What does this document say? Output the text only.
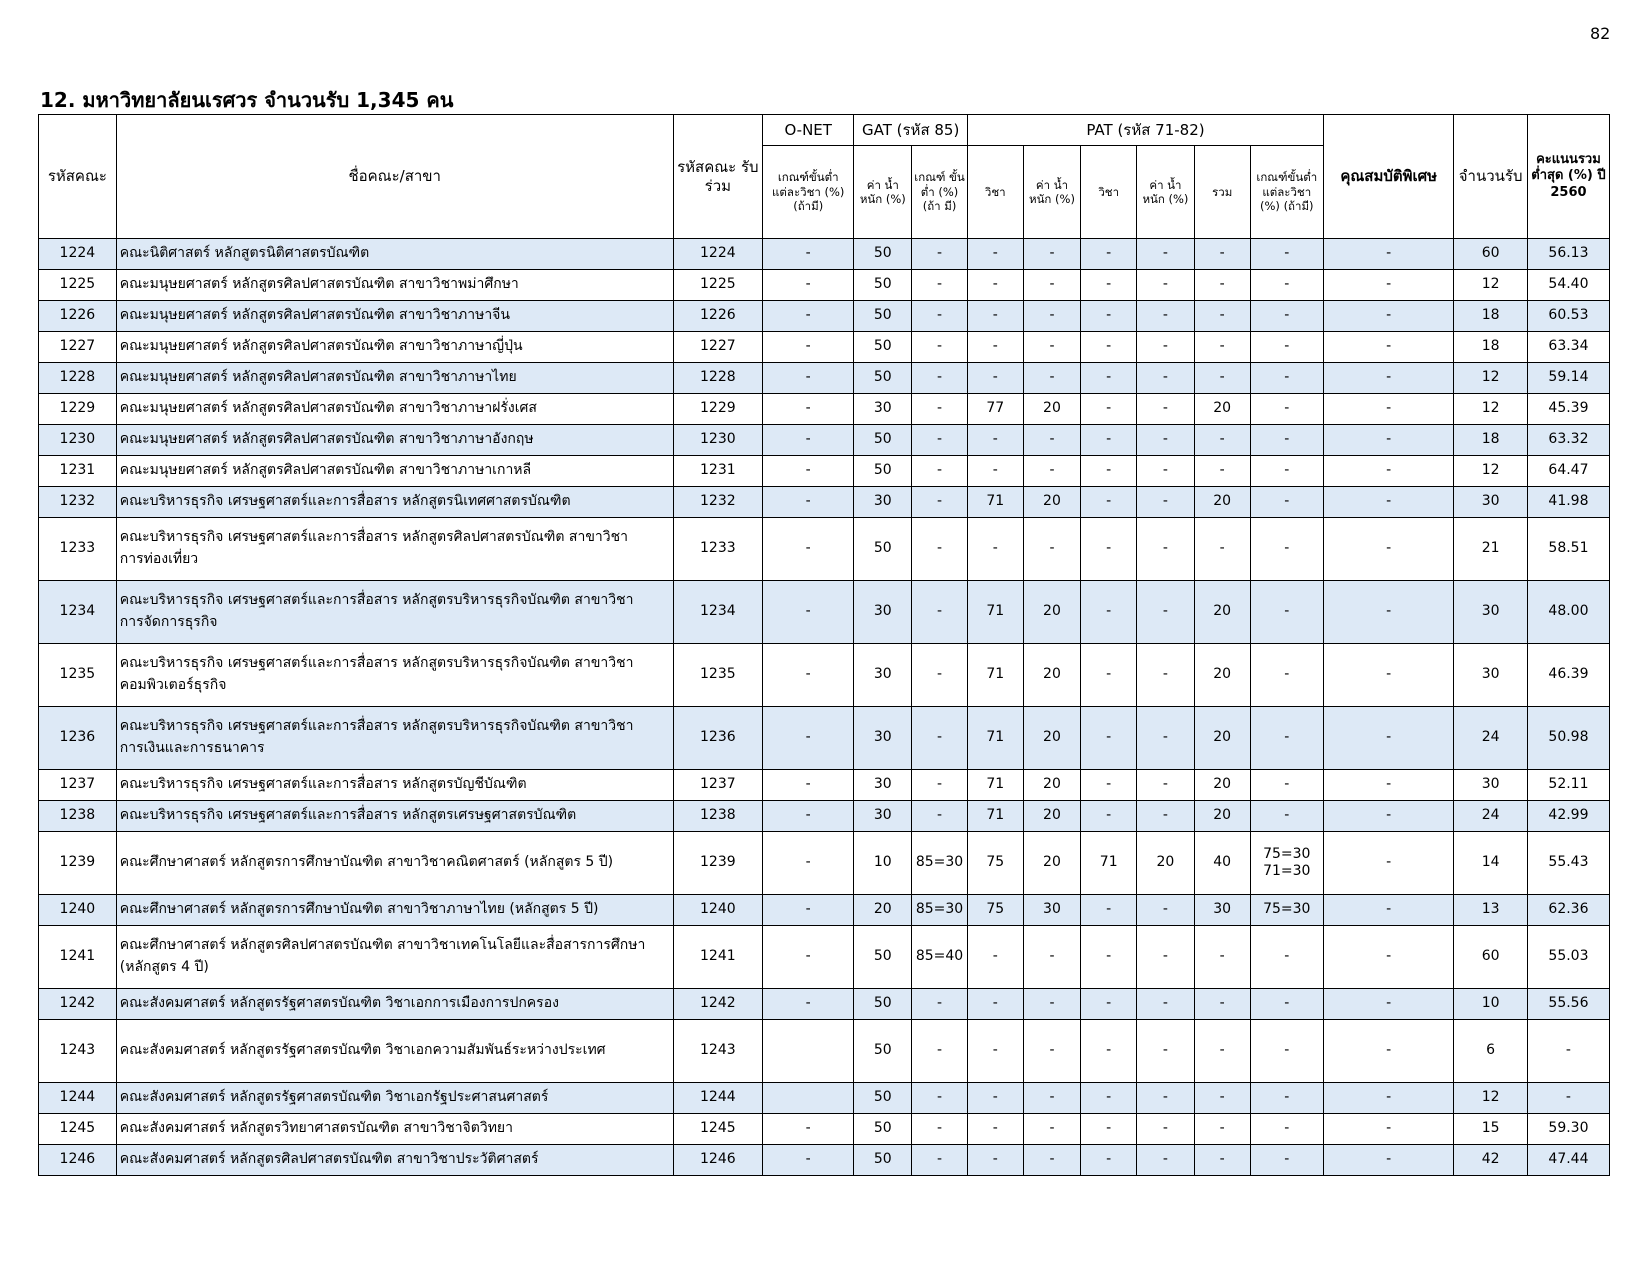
82
12. มหาวิทยาลัยนเรศวร จำนวนรับ 1,345 คน
รหัสคณะ	ชื่อคณะ/สาขา	รหัสคณะ รับร่วม	O-NET	GAT (รหัส 85)		PAT (รหัส 71-82)						คุณสมบัติพิเศษ	จำนวนรับ	คะแนนรวม ต่ำสุด (%) ปี 2560
			เกณฑ์ขั้นต่ำแต่ละวิชา (%) (ถ้ามี)	ค่า น้ำหนัก (%)	เกณฑ์ ขั้นต่ำ (%) (ถ้า มี)	วิชา	ค่า น้ำหนัก (%)	วิชา	ค่า น้ำหนัก (%)	รวม	เกณฑ์ขั้นต่ำ แต่ละวิชา (%) (ถ้ามี)			
1224	คณะนิติศาสตร์ หลักสูตรนิติศาสตรบัณฑิต	1224	-	50	-	-	-	-	-	-	-	-	60	56.13
1225	คณะมนุษยศาสตร์ หลักสูตรศิลปศาสตรบัณฑิต สาขาวิชาพม่าศึกษา	1225	-	50	-	-	-	-	-	-	-	-	12	54.40
1226	คณะมนุษยศาสตร์ หลักสูตรศิลปศาสตรบัณฑิต สาขาวิชาภาษาจีน	1226	-	50	-	-	-	-	-	-	-	-	18	60.53
1227	คณะมนุษยศาสตร์ หลักสูตรศิลปศาสตรบัณฑิต สาขาวิชาภาษาญี่ปุ่น	1227	-	50	-	-	-	-	-	-	-	-	18	63.34
1228	คณะมนุษยศาสตร์ หลักสูตรศิลปศาสตรบัณฑิต สาขาวิชาภาษาไทย	1228	-	50	-	-	-	-	-	-	-	-	12	59.14
1229	คณะมนุษยศาสตร์ หลักสูตรศิลปศาสตรบัณฑิต สาขาวิชาภาษาฝรั่งเศส	1229	-	30	-	77	20	-	-	20	-	-	12	45.39
1230	คณะมนุษยศาสตร์ หลักสูตรศิลปศาสตรบัณฑิต สาขาวิชาภาษาอังกฤษ	1230	-	50	-	-	-	-	-	-	-	-	18	63.32
1231	คณะมนุษยศาสตร์ หลักสูตรศิลปศาสตรบัณฑิต สาขาวิชาภาษาเกาหลี	1231	-	50	-	-	-	-	-	-	-	-	12	64.47
1232	คณะบริหารธุรกิจ เศรษฐศาสตร์และการสื่อสาร หลักสูตรนิเทศศาสตรบัณฑิต	1232	-	30	-	71	20	-	-	20	-	-	30	41.98
1233	คณะบริหารธุรกิจ เศรษฐศาสตร์และการสื่อสาร หลักสูตรศิลปศาสตรบัณฑิต สาขาวิชา
การท่องเที่ยว	1233	-	50	-	-	-	-	-	-	-	-	21	58.51
1234	คณะบริหารธุรกิจ เศรษฐศาสตร์และการสื่อสาร หลักสูตรบริหารธุรกิจบัณฑิต สาขาวิชา
การจัดการธุรกิจ	1234	-	30	-	71	20	-	-	20	-	-	30	48.00
1235	คณะบริหารธุรกิจ เศรษฐศาสตร์และการสื่อสาร หลักสูตรบริหารธุรกิจบัณฑิต สาขาวิชา
คอมพิวเตอร์ธุรกิจ	1235	-	30	-	71	20	-	-	20	-	-	30	46.39
1236	คณะบริหารธุรกิจ เศรษฐศาสตร์และการสื่อสาร หลักสูตรบริหารธุรกิจบัณฑิต สาขาวิชา
การเงินและการธนาคาร	1236	-	30	-	71	20	-	-	20	-	-	24	50.98
1237	คณะบริหารธุรกิจ เศรษฐศาสตร์และการสื่อสาร หลักสูตรบัญชีบัณฑิต	1237	-	30	-	71	20	-	-	20	-	-	30	52.11
1238	คณะบริหารธุรกิจ เศรษฐศาสตร์และการสื่อสาร หลักสูตรเศรษฐศาสตรบัณฑิต	1238	-	30	-	71	20	-	-	20	-	-	24	42.99
1239	คณะศึกษาศาสตร์ หลักสูตรการศึกษาบัณฑิต สาขาวิชาคณิตศาสตร์ (หลักสูตร 5 ปี)	1239	-	10	85=30	75	20	71	20	40	75=30
71=30	-	14	55.43
1240	คณะศึกษาศาสตร์ หลักสูตรการศึกษาบัณฑิต สาขาวิชาภาษาไทย (หลักสูตร 5 ปี)	1240	-	20	85=30	75	30	-	-	30	75=30	-	13	62.36
1241	คณะศึกษาศาสตร์ หลักสูตรศิลปศาสตรบัณฑิต สาขาวิชาเทคโนโลยีและสื่อสารการศึกษา
(หลักสูตร 4 ปี)	1241	-	50	85=40	-	-	-	-	-	-	-	60	55.03
1242	คณะสังคมศาสตร์ หลักสูตรรัฐศาสตรบัณฑิต วิชาเอกการเมืองการปกครอง	1242	-	50	-	-	-	-	-	-	-	-	10	55.56
1243	คณะสังคมศาสตร์ หลักสูตรรัฐศาสตรบัณฑิต วิชาเอกความสัมพันธ์ระหว่างประเทศ	1243		50	-	-	-	-	-	-	-	-	6	-
1244	คณะสังคมศาสตร์ หลักสูตรรัฐศาสตรบัณฑิต วิชาเอกรัฐประศาสนศาสตร์	1244		50	-	-	-	-	-	-	-	-	12	-
1245	คณะสังคมศาสตร์ หลักสูตรวิทยาศาสตรบัณฑิต สาขาวิชาจิตวิทยา	1245	-	50	-	-	-	-	-	-	-	-	15	59.30
1246	คณะสังคมศาสตร์ หลักสูตรศิลปศาสตรบัณฑิต สาขาวิชาประวัติศาสตร์	1246	-	50	-	-	-	-	-	-	-	-	42	47.44
